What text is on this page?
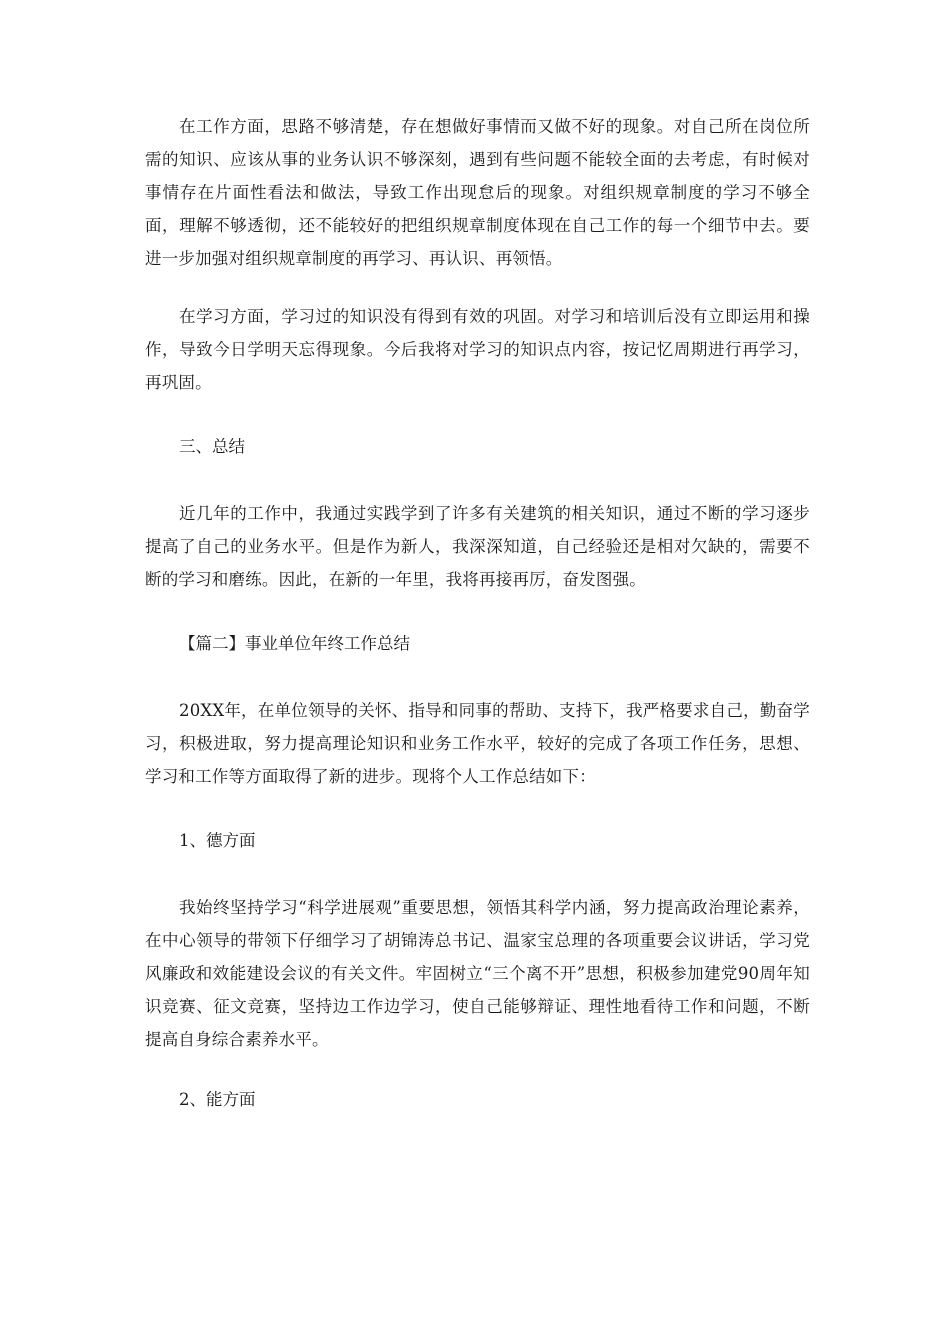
在工作方面，思路不够清楚，存在想做好事情而又做不好的现象。对自己所在岗位所需的知识、应该从事的业务认识不够深刻，遇到有些问题不能较全面的去考虑，有时候对事情存在片面性看法和做法，导致工作出现怠后的现象。对组织规章制度的学习不够全面，理解不够透彻，还不能较好的把组织规章制度体现在自己工作的每一个细节中去。要进一步加强对组织规章制度的再学习、再认识、再领悟。

在学习方面，学习过的知识没有得到有效的巩固。对学习和培训后没有立即运用和操作，导致今日学明天忘得现象。今后我将对学习的知识点内容，按记忆周期进行再学习，再巩固。

三、总结

近几年的工作中，我通过实践学到了许多有关建筑的相关知识，通过不断的学习逐步提高了自己的业务水平。但是作为新人，我深深知道，自己经验还是相对欠缺的，需要不断的学习和磨练。因此，在新的一年里，我将再接再厉，奋发图强。

【篇二】事业单位年终工作总结

20XX年，在单位领导的关怀、指导和同事的帮助、支持下，我严格要求自己，勤奋学习，积极进取，努力提高理论知识和业务工作水平，较好的完成了各项工作任务，思想、学习和工作等方面取得了新的进步。现将个人工作总结如下：

1、德方面

我始终坚持学习“科学进展观”重要思想，领悟其科学内涵，努力提高政治理论素养，在中心领导的带领下仔细学习了胡锦涛总书记、温家宝总理的各项重要会议讲话，学习党风廉政和效能建设会议的有关文件。牢固树立“三个离不开”思想，积极参加建党90周年知识竞赛、征文竞赛，坚持边工作边学习，使自己能够辩证、理性地看待工作和问题，不断提高自身综合素养水平。

2、能方面
